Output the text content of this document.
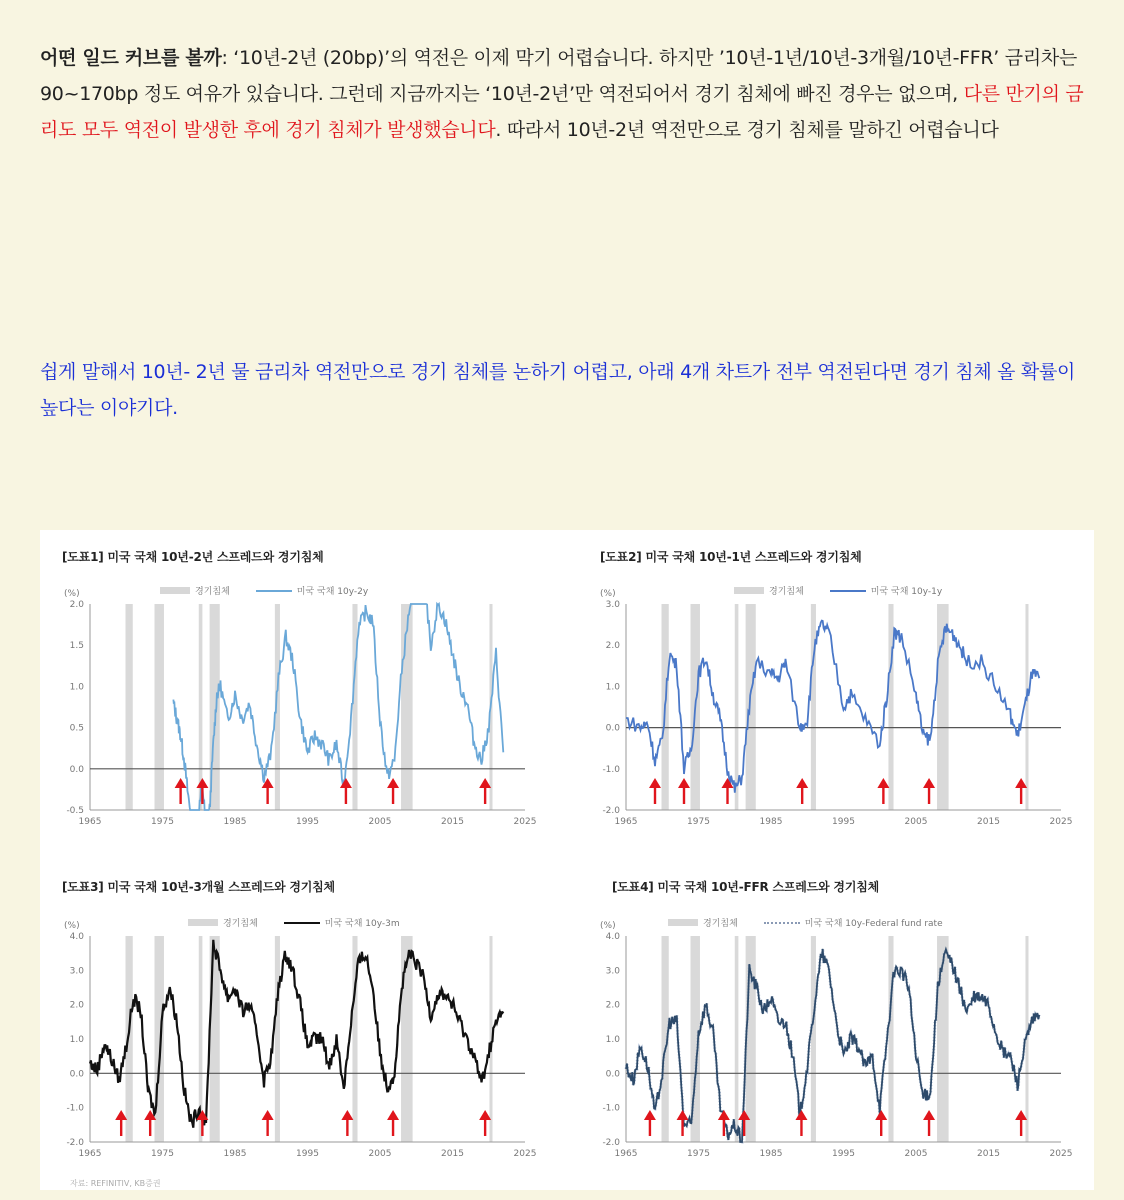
어떤 일드 커브를 볼까: ‘10년-2년 (20bp)’의 역전은 이제 막기 어렵습니다. 하지만 ’10년-1년/10년-3개월/10년-FFR’ 금리차는 90~170bp 정도 여유가 있습니다. 그런데 지금까지는 ‘10년-2년’만 역전되어서 경기 침체에 빠진 경우는 없으며, 다른 만기의 금리도 모두 역전이 발생한 후에 경기 침체가 발생했습니다. 따라서 10년-2년 역전만으로 경기 침체를 말하긴 어렵습니다
쉽게 말해서 10년- 2년 물 금리차 역전만으로 경기 침체를 논하기 어렵고, 아래 4개 차트가 전부 역전된다면 경기 침체 올 확률이 높다는 이야기다.
[도표1] 미국 국채 10년-2년 스프레드와 경기침체
경기침체	미국 국채 10y-2y
(%)
-0.5
0.0
0.5
1.0
1.5
2.0
1965	1975	1985	1995	2005	2015	2025
[도표2] 미국 국채 10년-1년 스프레드와 경기침체
경기침체	미국 국채 10y-1y
(%)
-2.0
-1.0
0.0
1.0
2.0
3.0
1965	1975	1985	1995	2005	2015	2025
[도표3] 미국 국채 10년-3개월 스프레드와 경기침체
경기침체	미국 국채 10y-3m
(%)
-2.0
-1.0
0.0
1.0
2.0
3.0
4.0
1965	1975	1985	1995	2005	2015	2025
[도표4] 미국 국채 10년-FFR 스프레드와 경기침체
경기침체	미국 국채 10y-Federal fund rate
(%)
-2.0
-1.0
0.0
1.0
2.0
3.0
4.0
1965	1975	1985	1995	2005	2015	2025
자료: REFINITIV, KB증권
